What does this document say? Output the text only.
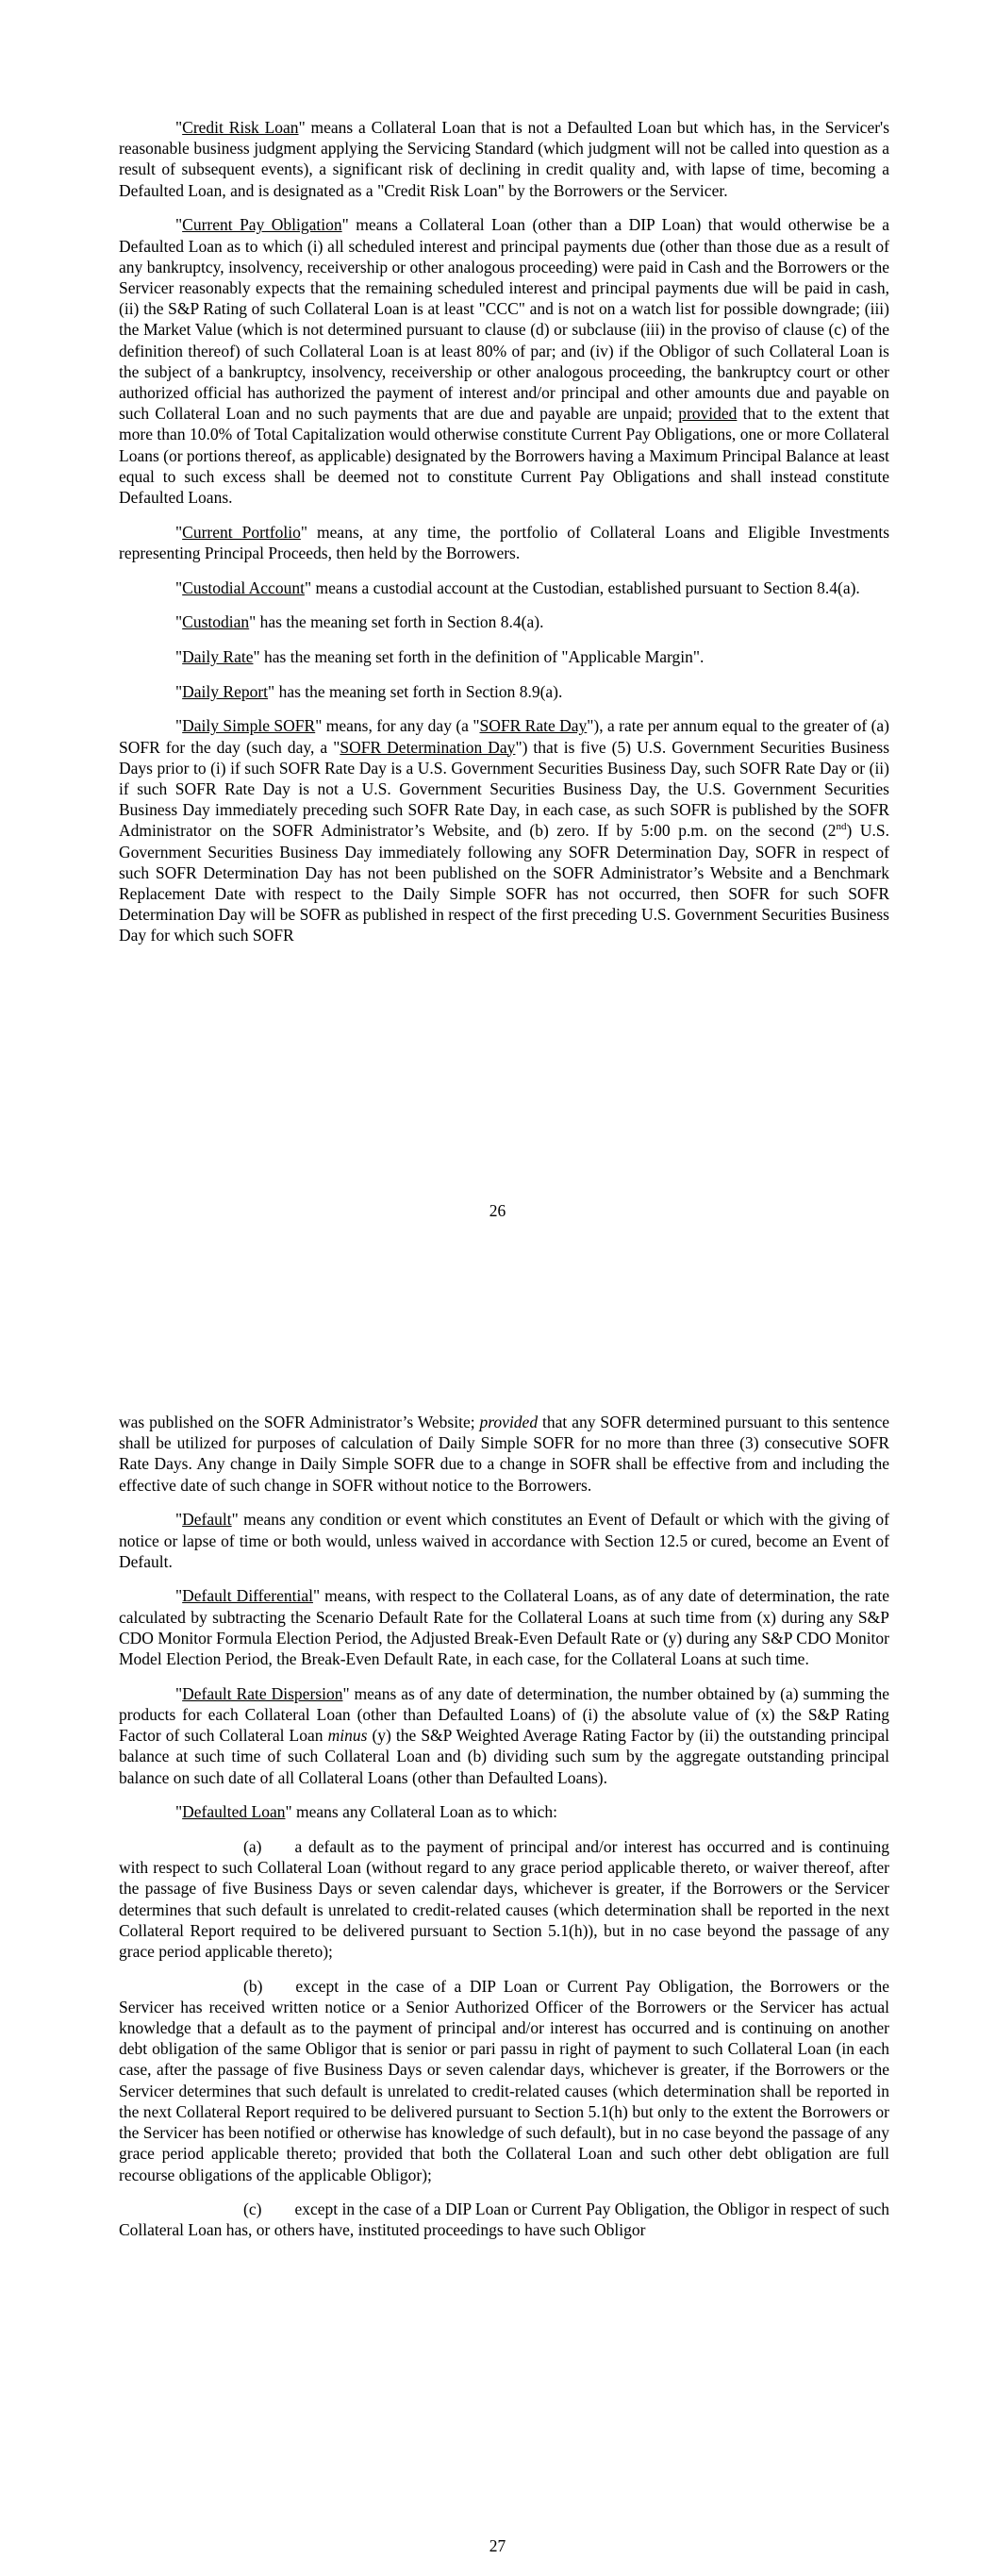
"Credit Risk Loan" means a Collateral Loan that is not a Defaulted Loan but which has, in the Servicer's reasonable business judgment applying the Servicing Standard (which judgment will not be called into question as a result of subsequent events), a significant risk of declining in credit quality and, with lapse of time, becoming a Defaulted Loan, and is designated as a "Credit Risk Loan" by the Borrowers or the Servicer.

"Current Pay Obligation" means a Collateral Loan (other than a DIP Loan) that would otherwise be a Defaulted Loan as to which (i) all scheduled interest and principal payments due (other than those due as a result of any bankruptcy, insolvency, receivership or other analogous proceeding) were paid in Cash and the Borrowers or the Servicer reasonably expects that the remaining scheduled interest and principal payments due will be paid in cash, (ii) the S&P Rating of such Collateral Loan is at least "CCC" and is not on a watch list for possible downgrade; (iii) the Market Value (which is not determined pursuant to clause (d) or subclause (iii) in the proviso of clause (c) of the definition thereof) of such Collateral Loan is at least 80% of par; and (iv) if the Obligor of such Collateral Loan is the subject of a bankruptcy, insolvency, receivership or other analogous proceeding, the bankruptcy court or other authorized official has authorized the payment of interest and/or principal and other amounts due and payable on such Collateral Loan and no such payments that are due and payable are unpaid; provided that to the extent that more than 10.0% of Total Capitalization would otherwise constitute Current Pay Obligations, one or more Collateral Loans (or portions thereof, as applicable) designated by the Borrowers having a Maximum Principal Balance at least equal to such excess shall be deemed not to constitute Current Pay Obligations and shall instead constitute Defaulted Loans.

"Current Portfolio" means, at any time, the portfolio of Collateral Loans and Eligible Investments representing Principal Proceeds, then held by the Borrowers.

"Custodial Account" means a custodial account at the Custodian, established pursuant to Section 8.4(a).

"Custodian" has the meaning set forth in Section 8.4(a).

"Daily Rate" has the meaning set forth in the definition of "Applicable Margin".

"Daily Report" has the meaning set forth in Section 8.9(a).

"Daily Simple SOFR" means, for any day (a "SOFR Rate Day"), a rate per annum equal to the greater of (a) SOFR for the day (such day, a "SOFR Determination Day") that is five (5) U.S. Government Securities Business Days prior to (i) if such SOFR Rate Day is a U.S. Government Securities Business Day, such SOFR Rate Day or (ii) if such SOFR Rate Day is not a U.S. Government Securities Business Day, the U.S. Government Securities Business Day immediately preceding such SOFR Rate Day, in each case, as such SOFR is published by the SOFR Administrator on the SOFR Administrator’s Website, and (b) zero. If by 5:00 p.m. on the second (2nd) U.S. Government Securities Business Day immediately following any SOFR Determination Day, SOFR in respect of such SOFR Determination Day has not been published on the SOFR Administrator’s Website and a Benchmark Replacement Date with respect to the Daily Simple SOFR has not occurred, then SOFR for such SOFR Determination Day will be SOFR as published in respect of the first preceding U.S. Government Securities Business Day for which such SOFR

26

was published on the SOFR Administrator’s Website; provided that any SOFR determined pursuant to this sentence shall be utilized for purposes of calculation of Daily Simple SOFR for no more than three (3) consecutive SOFR Rate Days. Any change in Daily Simple SOFR due to a change in SOFR shall be effective from and including the effective date of such change in SOFR without notice to the Borrowers.

"Default" means any condition or event which constitutes an Event of Default or which with the giving of notice or lapse of time or both would, unless waived in accordance with Section 12.5 or cured, become an Event of Default.

"Default Differential" means, with respect to the Collateral Loans, as of any date of determination, the rate calculated by subtracting the Scenario Default Rate for the Collateral Loans at such time from (x) during any S&P CDO Monitor Formula Election Period, the Adjusted Break-Even Default Rate or (y) during any S&P CDO Monitor Model Election Period, the Break-Even Default Rate, in each case, for the Collateral Loans at such time.

"Default Rate Dispersion" means as of any date of determination, the number obtained by (a) summing the products for each Collateral Loan (other than Defaulted Loans) of (i) the absolute value of (x) the S&P Rating Factor of such Collateral Loan minus (y) the S&P Weighted Average Rating Factor by (ii) the outstanding principal balance at such time of such Collateral Loan and (b) dividing such sum by the aggregate outstanding principal balance on such date of all Collateral Loans (other than Defaulted Loans).

"Defaulted Loan" means any Collateral Loan as to which:

(a)   a default as to the payment of principal and/or interest has occurred and is continuing with respect to such Collateral Loan (without regard to any grace period applicable thereto, or waiver thereof, after the passage of five Business Days or seven calendar days, whichever is greater, if the Borrowers or the Servicer determines that such default is unrelated to credit-related causes (which determination shall be reported in the next Collateral Report required to be delivered pursuant to Section 5.1(h)), but in no case beyond the passage of any grace period applicable thereto);

(b)   except in the case of a DIP Loan or Current Pay Obligation, the Borrowers or the Servicer has received written notice or a Senior Authorized Officer of the Borrowers or the Servicer has actual knowledge that a default as to the payment of principal and/or interest has occurred and is continuing on another debt obligation of the same Obligor that is senior or pari passu in right of payment to such Collateral Loan (in each case, after the passage of five Business Days or seven calendar days, whichever is greater, if the Borrowers or the Servicer determines that such default is unrelated to credit-related causes (which determination shall be reported in the next Collateral Report required to be delivered pursuant to Section 5.1(h) but only to the extent the Borrowers or the Servicer has been notified or otherwise has knowledge of such default), but in no case beyond the passage of any grace period applicable thereto; provided that both the Collateral Loan and such other debt obligation are full recourse obligations of the applicable Obligor);

(c)   except in the case of a DIP Loan or Current Pay Obligation, the Obligor in respect of such Collateral Loan has, or others have, instituted proceedings to have such Obligor

27
